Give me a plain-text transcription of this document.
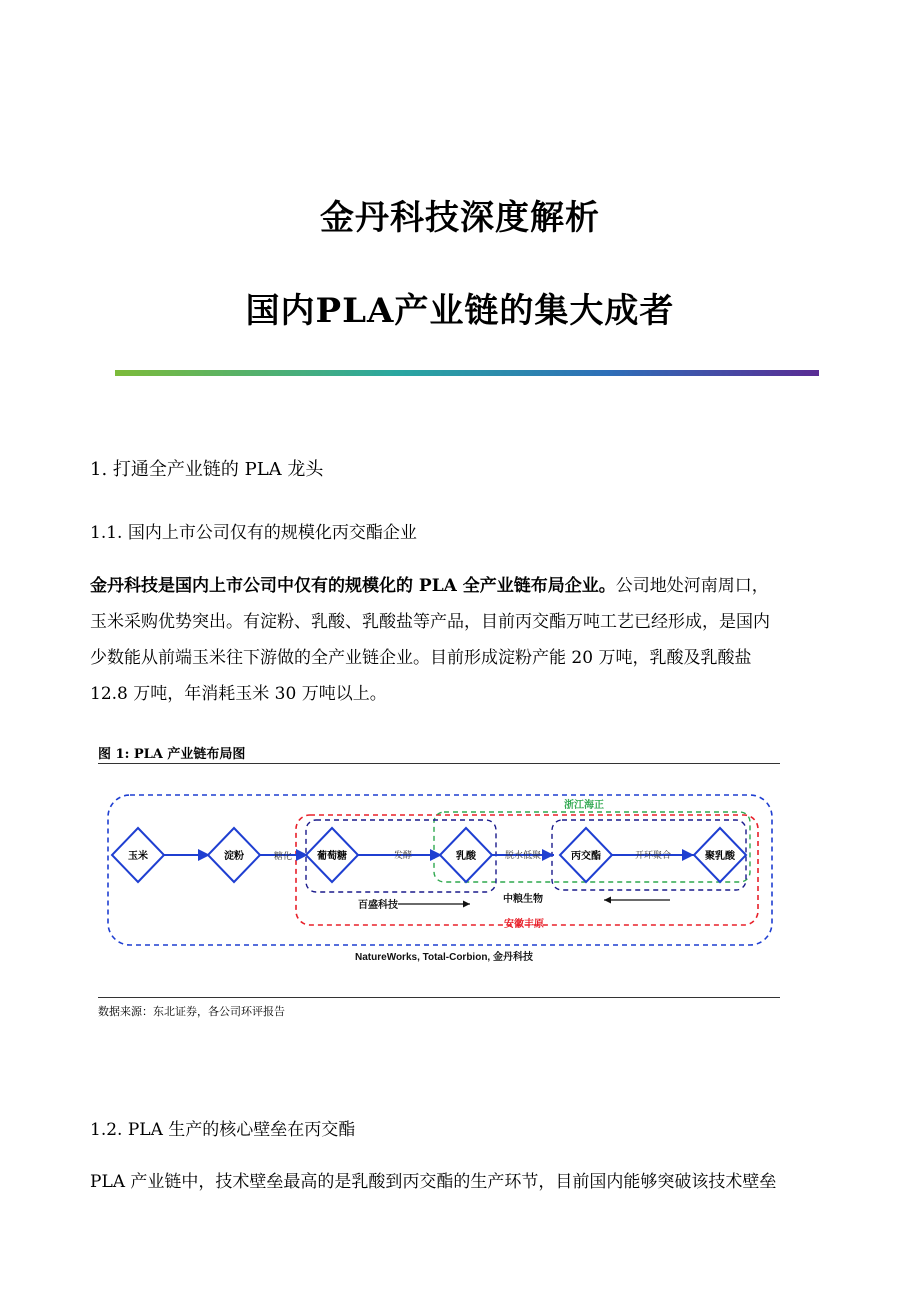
金丹科技深度解析
国内PLA产业链的集大成者
1. 打通全产业链的 PLA 龙头
1.1. 国内上市公司仅有的规模化丙交酯企业
金丹科技是国内上市公司中仅有的规模化的 PLA 全产业链布局企业。公司地处河南周口，
玉米采购优势突出。有淀粉、乳酸、乳酸盐等产品，目前丙交酯万吨工艺已经形成，是国内
少数能从前端玉米往下游做的全产业链企业。目前形成淀粉产能 20 万吨，乳酸及乳酸盐
12.8 万吨，年消耗玉米 30 万吨以上。
图 1: PLA 产业链布局图
玉米	淀粉	葡萄糖	乳酸	丙交酯	聚乳酸
糖化	发酵	脱水低聚	开环聚合
浙江海正
百盛科技
中粮生物
安徽丰原
NatureWorks, Total-Corbion, 金丹科技
数据来源：东北证券，各公司环评报告
1.2. PLA 生产的核心壁垒在丙交酯
PLA 产业链中，技术壁垒最高的是乳酸到丙交酯的生产环节，目前国内能够突破该技术壁垒
